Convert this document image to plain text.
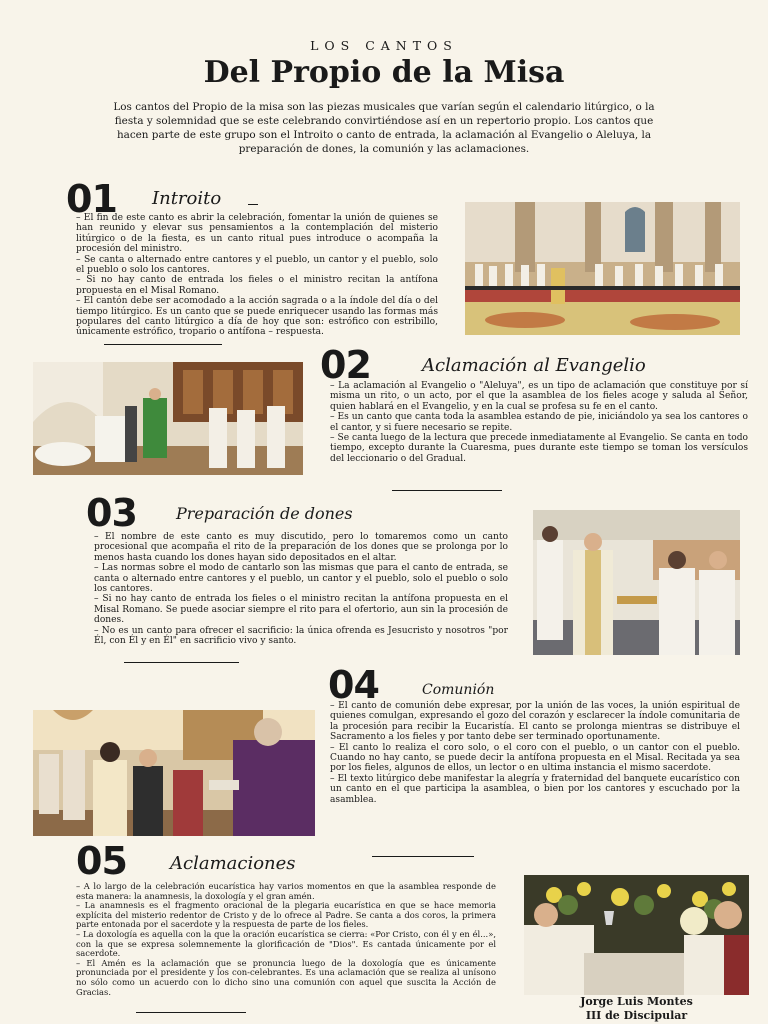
LOS CANTOS
Del Propio de la Misa
Los cantos del Propio de la misa son las piezas musicales que varían según el calendario litúrgico, o la fiesta y solemnidad que se este celebrando convirtiéndose así en un repertorio propio. Los cantos que hacen parte de este grupo son el Introito o canto de entrada, la aclamación al Evangelio o Aleluya, la preparación de dones, la comunión y las aclamaciones.
01 Introito

– El fin de este canto es abrir la celebración, fomentar la unión de quienes se han reunido y elevar sus pensamientos a la contemplación del misterio litúrgico o de la fiesta, es un canto ritual pues introduce o acompaña la procesión del ministro.

– Se canta o alternado entre cantores y el pueblo, un cantor y el pueblo, solo el pueblo o solo los cantores.

– Si no hay canto de entrada los fieles o el ministro recitan la antífona propuesta en el Misal Romano.

– El cantón debe ser acomodado a la acción sagrada o a la índole del día o del tiempo litúrgico. Es un canto que se puede enriquecer usando las formas más populares del canto litúrgico a día de hoy que son: estrófico con estribillo, únicamente estrófico, tropario o antífona – respuesta.

02	Aclamación al Evangelio

– La aclamación al Evangelio o "Aleluya", es un tipo de aclamación que constituye por sí misma un rito, o un acto, por el que la asamblea de los fieles acoge y saluda al Señor, quien hablará en el Evangelio, y en la cual se profesa su fe en el canto.

– Es un canto que canta toda la asamblea estando de pie, iniciándolo ya sea los cantores o el cantor, y si fuere necesario se repite.

– Se canta luego de la lectura que precede inmediatamente al Evangelio. Se canta en todo tiempo, excepto durante la Cuaresma, pues durante este tiempo se toman los versículos del leccionario o del Gradual.

03 Preparación de dones

– El nombre de este canto es muy discutido, pero lo tomaremos como un canto procesional que acompaña el rito de la preparación de los dones que se prolonga por lo menos hasta cuando los dones hayan sido depositados en el altar.

– Las normas sobre el modo de cantarlo son las mismas que para el canto de entrada, se canta o alternado entre cantores y el pueblo, un cantor y el pueblo, solo el pueblo o solo los cantores.

– Si no hay canto de entrada los fieles o el ministro recitan la antífona propuesta en el Misal Romano. Se puede asociar siempre el rito para el ofertorio, aun sin la procesión de dones.

– No es un canto para ofrecer el sacrificio: la única ofrenda es Jesucristo y nosotros "por Él, con Él y en Él" en sacrificio vivo y santo.

04	Comunión

– El canto de comunión debe expresar, por la unión de las voces, la unión espiritual de quienes comulgan, expresando el gozo del corazón y esclarecer la índole comunitaria de la procesión para recibir la Eucaristía. El canto se prolonga mientras se distribuye el Sacramento a los fieles y por tanto debe ser terminado oportunamente.

– El canto lo realiza el coro solo, o el coro con el pueblo, o un cantor con el pueblo. Cuando no hay canto, se puede decir la antífona propuesta en el Misal. Recitada ya sea por los fieles, algunos de ellos, un lector o en ultima instancia el mismo sacerdote.

– El texto litúrgico debe manifestar la alegría y fraternidad del banquete eucarístico con un canto en el que participa la asamblea, o bien por los cantores y escuchado por la asamblea.

05 Aclamaciones

– A lo largo de la celebración eucarística hay varios momentos en que la asamblea responde de esta manera: la anamnesis, la doxología y el gran amén.

– La anamnesis es el fragmento oracional de la plegaria eucarística en que se hace memoria explícita del misterio redentor de Cristo y de lo ofrece al Padre. Se canta a dos coros, la primera parte entonada por el sacerdote y la respuesta de parte de los fieles.

– La doxología es aquella con la que la oración eucarística se cierra: «Por Cristo, con él y en él...», con la que se expresa solemnemente la glorificación de "Dios". Es cantada únicamente por el sacerdote.

– El Amén es la aclamación que se pronuncia luego de la doxología que es únicamente pronunciada por el presidente y los con-celebrantes. Es una aclamación que se realiza al unísono no sólo como un acuerdo con lo dicho sino una comunión con aquel que suscita la Acción de Gracias.

Jorge Luis Montes
III de Discipular
